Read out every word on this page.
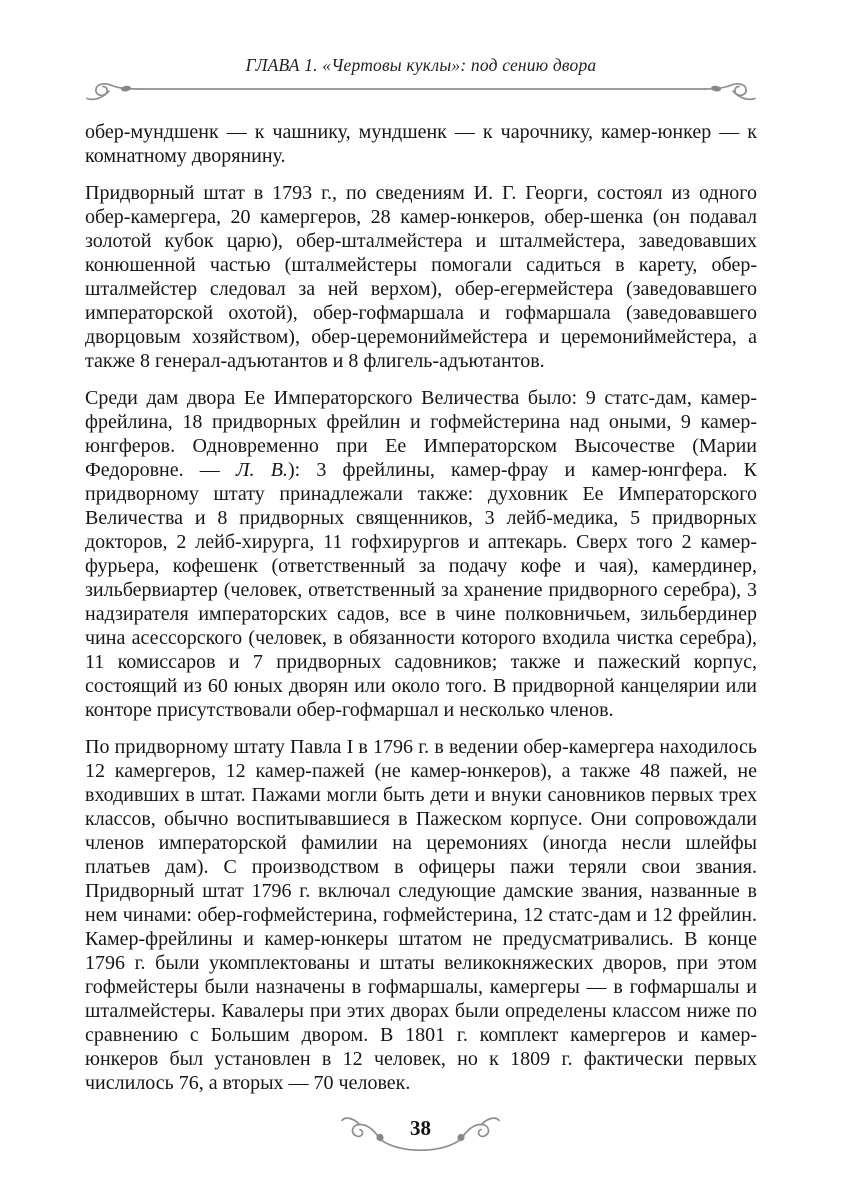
ГЛАВА 1. «Чертовы куклы»: под сению двора

обер-мундшенк — к чашнику, мундшенк — к чарочнику, камер-юнкер — к комнатному дворянину.

Придворный штат в 1793 г., по сведениям И. Г. Георги, состоял из одного обер-камергера, 20 камергеров, 28 камер-юнкеров, обер-шенка (он подавал золотой кубок царю), обер-шталмейстера и шталмейстера, заведовавших конюшенной частью (шталмейстеры помогали садиться в карету, обер-шталмейстер следовал за ней верхом), обер-егермейстера (заведовавшего императорской охотой), обер-гофмаршала и гофмаршала (заведовавшего дворцовым хозяйством), обер-церемониймейстера и церемониймейстера, а также 8 генерал-адъютантов и 8 флигель-адъютантов.

Среди дам двора Ее Императорского Величества было: 9 статс-дам, камер-фрейлина, 18 придворных фрейлин и гофмейстерина над оными, 9 камер-юнгферов. Одновременно при Ее Императорском Высочестве (Марии Федоровне. — Л. В.): 3 фрейлины, камер-фрау и камер-юнгфера. К придворному штату принадлежали также: духовник Ее Императорского Величества и 8 придворных священников, 3 лейб-медика, 5 придворных докторов, 2 лейб-хирурга, 11 гофхирургов и аптекарь. Сверх того 2 камер-фурьера, кофешенк (ответственный за подачу кофе и чая), камердинер, зильбервиартер (человек, ответственный за хранение придворного серебра), 3 надзирателя императорских садов, все в чине полковничьем, зильбердинер чина асессорского (человек, в обязанности которого входила чистка серебра), 11 комиссаров и 7 придворных садовников; также и пажеский корпус, состоящий из 60 юных дворян или около того. В придворной канцелярии или конторе присутствовали обер-гофмаршал и несколько членов.

По придворному штату Павла I в 1796 г. в ведении обер-камергера находилось 12 камергеров, 12 камер-пажей (не камер-юнкеров), а также 48 пажей, не входивших в штат. Пажами могли быть дети и внуки сановников первых трех классов, обычно воспитывавшиеся в Пажеском корпусе. Они сопровождали членов императорской фамилии на церемониях (иногда несли шлейфы платьев дам). С производством в офицеры пажи теряли свои звания. Придворный штат 1796 г. включал следующие дамские звания, названные в нем чинами: обер-гофмейстерина, гофмейстерина, 12 статс-дам и 12 фрейлин. Камер-фрейлины и камер-юнкеры штатом не предусматривались. В конце 1796 г. были укомплектованы и штаты великокняжеских дворов, при этом гофмейстеры были назначены в гофмаршалы, камергеры — в гофмаршалы и шталмейстеры. Кавалеры при этих дворах были определены классом ниже по сравнению с Большим двором. В 1801 г. комплект камергеров и камер-юнкеров был установлен в 12 человек, но к 1809 г. фактически первых числилось 76, а вторых — 70 человек.

38
